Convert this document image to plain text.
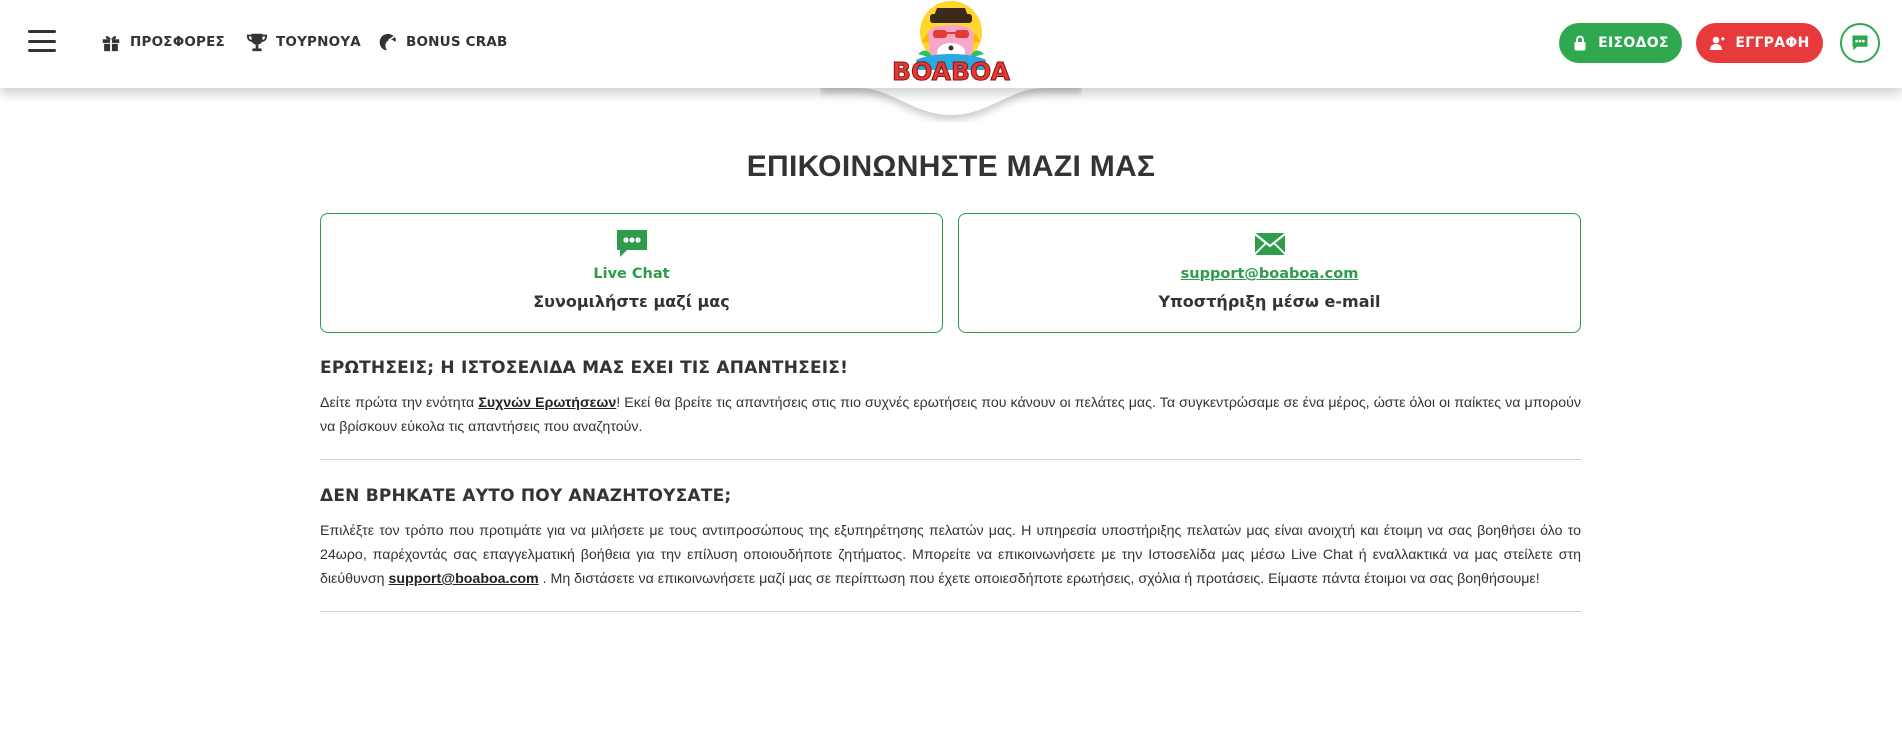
ΠΡΟΣΦΟΡΕΣ	ΤΟΥΡΝΟΥΑ	BONUS CRAB	ΕΙΣΟΔΟΣ	ΕΓΓΡΑΦΗ
BOABOA
ΕΠΙΚΟΙΝΩΝΗΣΤΕ ΜΑΖΙ ΜΑΣ
Live Chat
Συνομιλήστε μαζί μας
support@boaboa.com
Υποστήριξη μέσω e-mail
ΕΡΩΤΗΣΕΙΣ; Η ΙΣΤΟΣΕΛΙΔΑ ΜΑΣ ΕΧΕΙ ΤΙΣ ΑΠΑΝΤΗΣΕΙΣ!

Δείτε πρώτα την ενότητα Συχνών Ερωτήσεων! Εκεί θα βρείτε τις απαντήσεις στις πιο συχνές ερωτήσεις που κάνουν οι πελάτες μας. Τα συγκεντρώσαμε σε ένα μέρος, ώστε όλοι οι παίκτες να μπορούν να βρίσκουν εύκολα τις απαντήσεις που αναζητούν.

ΔΕΝ ΒΡΗΚΑΤΕ ΑΥΤΟ ΠΟΥ ΑΝΑΖΗΤΟΥΣΑΤΕ;

Επιλέξτε τον τρόπο που προτιμάτε για να μιλήσετε με τους αντιπροσώπους της εξυπηρέτησης πελατών μας. Η υπηρεσία υποστήριξης πελατών μας είναι ανοιχτή και έτοιμη να σας βοηθήσει όλο το 24ωρο, παρέχοντάς σας επαγγελματική βοήθεια για την επίλυση οποιουδήποτε ζητήματος. Μπορείτε να επικοινωνήσετε με την Ιστοσελίδα μας μέσω Live Chat ή εναλλακτικά να μας στείλετε στη διεύθυνση support@boaboa.com . Μη διστάσετε να επικοινωνήσετε μαζί μας σε περίπτωση που έχετε οποιεσδήποτε ερωτήσεις, σχόλια ή προτάσεις. Είμαστε πάντα έτοιμοι να σας βοηθήσουμε!
